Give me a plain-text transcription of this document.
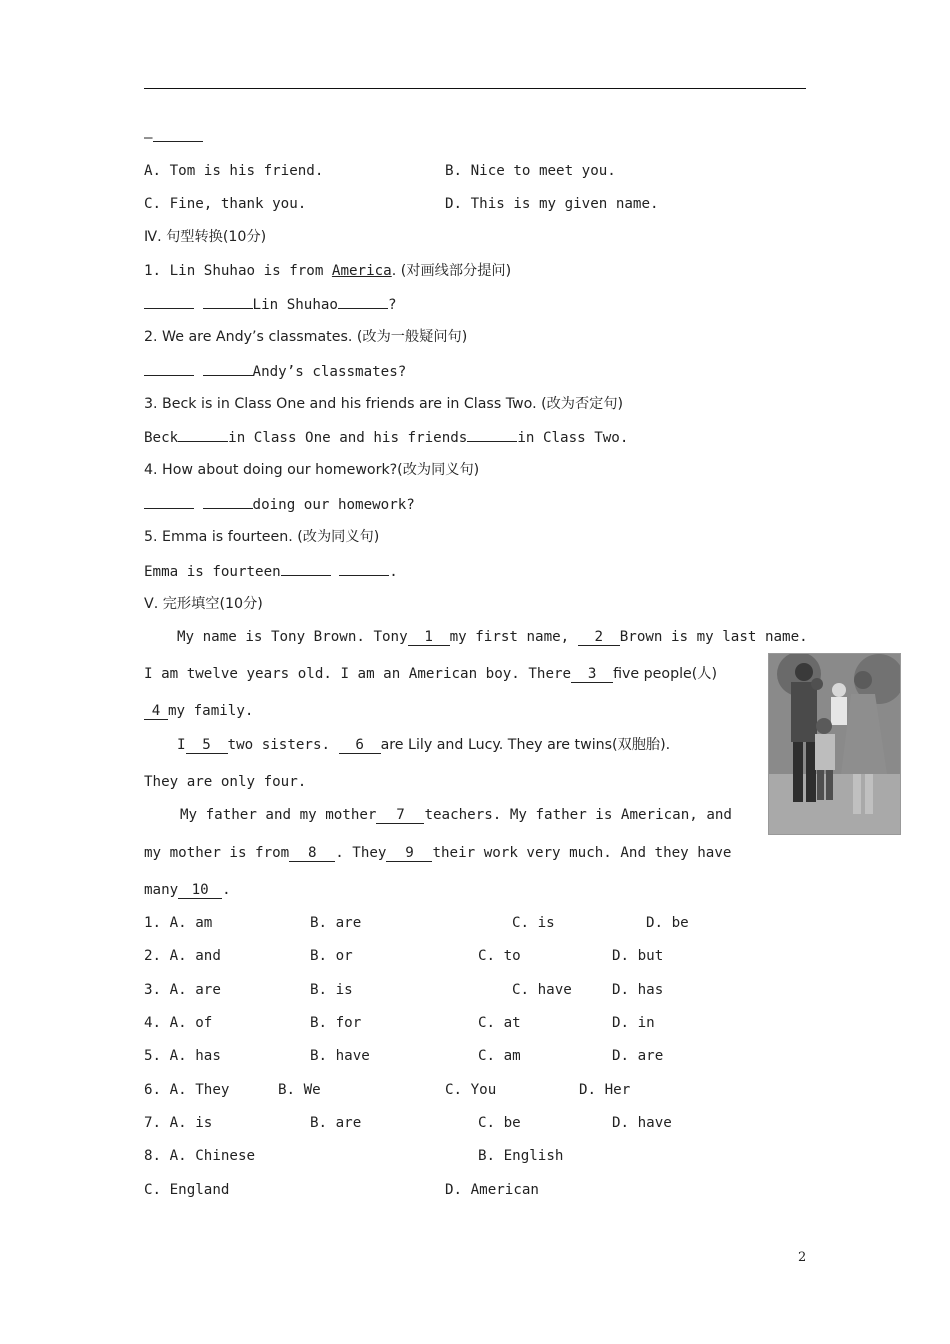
—
A. Tom is his friend.	B. Nice to meet you.
C. Fine, thank you.	D. This is my given name.
Ⅳ. 句型转换(10分)
1. Lin Shuhao is from America. (对画线部分提问)
Lin Shuhao	?
2. We are Andy’s classmates. (改为一般疑问句)
Andy’s classmates?
3. Beck is in Class One and his friends are in Class Two. (改为否定句)
Beck	in Class One and his friends	in Class Two.
4. How about doing our homework?(改为同义句)
doing our homework?
5. Emma is fourteen. (改为同义句)
Emma is fourteen	.
Ⅴ. 完形填空(10分)
My name is Tony Brown. Tony 1 my first name, 2 Brown is my last name.
I am twelve years old. I am an American boy. There 3 five people(人)
4 my family.
I 5 two sisters. 6 are Lily and Lucy. They are twins(双胞胎).
They are only four.
My father and my mother 7 teachers. My father is American, and
my mother is from 8 . They 9 their work very much. And they have
many 10 .
1. A. am	B. are	C. is	D. be
2. A. and	B. or	C. to	D. but
3. A. are	B. is	C. have	D. has
4. A. of	B. for	C. at	D. in
5. A. has	B. have	C. am	D. are
6. A. They	B. We	C. You	D. Her
7. A. is	B. are	C. be	D. have
8. A. Chinese	B. English
C. England	D. American
2
